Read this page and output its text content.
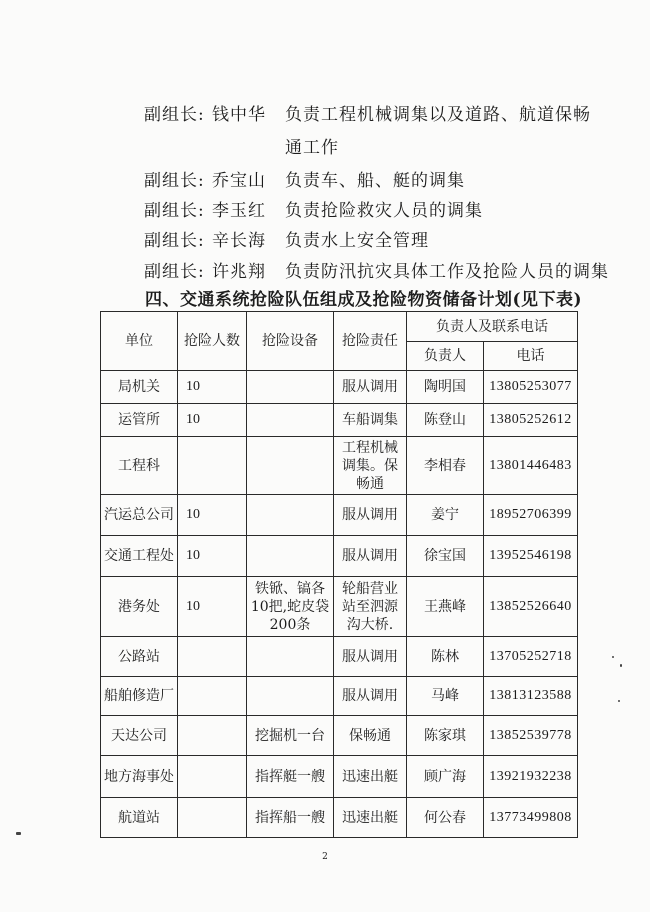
副组长: 钱中华 负责工程机械调集以及道路、航道保畅
通工作
副组长: 乔宝山 负责车、船、艇的调集
副组长: 李玉红 负责抢险救灾人员的调集
副组长: 辛长海 负责水上安全管理
副组长: 许兆翔 负责防汛抗灾具体工作及抢险人员的调集
四、交通系统抢险队伍组成及抢险物资储备计划(见下表)
单位	抢险人数	抢险设备	抢险责任	负责人及联系电话	
				负责人	电话
局机关	10		服从调用	陶明国	13805253077
运管所	10		车船调集	陈登山	13805252612
工程科			工程机械调集。保畅通	李相春	13801446483
汽运总公司	10		服从调用	姜宁	18952706399
交通工程处	10		服从调用	徐宝国	13952546198
港务处	10	铁锨、镐各10把,蛇皮袋200条	轮船营业站至泗源沟大桥.	王燕峰	13852526640
公路站			服从调用	陈林	13705252718
船舶修造厂			服从调用	马峰	13813123588
天达公司		挖掘机一台	保畅通	陈家琪	13852539778
地方海事处		指挥艇一艘	迅速出艇	顾广海	13921932238
航道站		指挥船一艘	迅速出艇	何公春	13773499808
2
